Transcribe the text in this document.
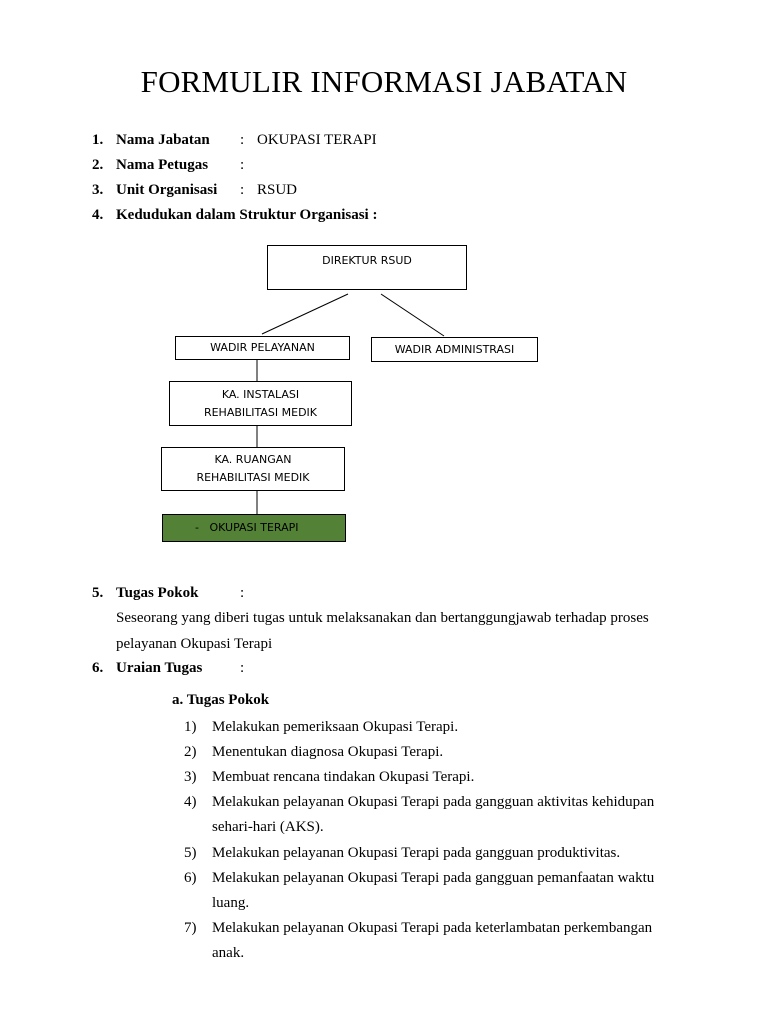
FORMULIR INFORMASI JABATAN
1. Nama Jabatan : OKUPASI TERAPI
2. Nama Petugas :
3. Unit Organisasi : RSUD
4. Kedudukan dalam Struktur Organisasi :
DIREKTUR RSUD
WADIR PELAYANAN	WADIR ADMINISTRASI
KA. INSTALASI
REHABILITASI MEDIK
KA. RUANGAN
REHABILITASI MEDIK
- OKUPASI TERAPI
5. Tugas Pokok	:
Seseorang yang diberi tugas untuk melaksanakan dan bertanggungjawab terhadap proses pelayanan Okupasi Terapi
6. Uraian Tugas	:
a. Tugas Pokok
1) Melakukan pemeriksaan Okupasi Terapi.
2) Menentukan diagnosa Okupasi Terapi.
3) Membuat rencana tindakan Okupasi Terapi.
4) Melakukan pelayanan Okupasi Terapi pada gangguan aktivitas kehidupan sehari-hari (AKS).
5) Melakukan pelayanan Okupasi Terapi pada gangguan produktivitas.
6) Melakukan pelayanan Okupasi Terapi pada gangguan pemanfaatan waktu luang.
7) Melakukan pelayanan Okupasi Terapi pada keterlambatan perkembangan anak.
